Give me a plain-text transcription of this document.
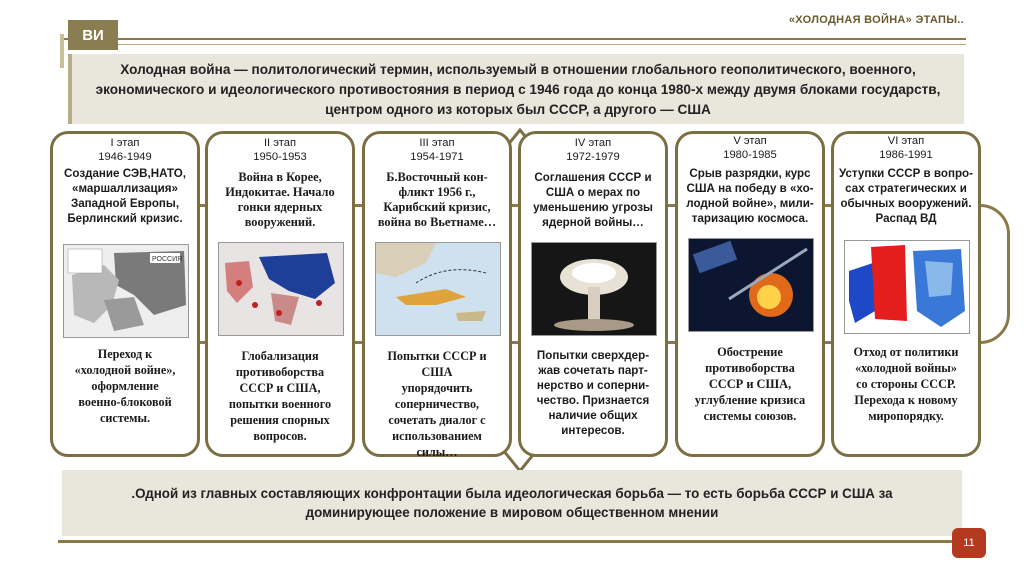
«ХОЛОДНАЯ ВОЙНА» ЭТАПЫ..
ВИ
Холодная война — политологический термин, используемый в отношении глобального геополитического, военного,
экономического и идеологического противостояния в период с 1946 года до конца 1980-х между двумя блоками государств,
центром одного из которых был СССР, а другого — США
I этап
1946-1949
Создание СЭВ,НАТО,
«маршаллизация»
Западной Европы,
Берлинский кризис.
РОССИЯ
Переход к
«холодной войне»,
оформление
военно-блоковой
системы.
II этап
1950-1953
Война в Корее,
Индокитае. Начало
гонки ядерных
вооружений.
Глобализация
противоборства
СССР и США,
попытки военного
решения спорных
вопросов.
III этап
1954-1971
Б.Восточный кон-
фликт 1956 г.,
Карибский кризис,
война во Вьетнаме…
Попытки СССР и
США
упорядочить
соперничество,
сочетать диалог с
использованием
силы…
IV этап
1972-1979
Соглашения СССР и
США о мерах по
уменьшению угрозы
ядерной войны…
Попытки сверхдер-
жав сочетать парт-
нерство и соперни-
чество. Признается
наличие общих
интересов.
V этап
1980-1985
Срыв разрядки, курс
США на победу в «хо-
лодной войне», мили-
таризацию космоса.
Обострение
противоборства
СССР и США,
углубление кризиса
системы союзов.
VI этап
1986-1991
Уступки СССР в вопро-
сах стратегических и
обычных вооружений.
Распад ВД
Отход от политики
«холодной войны»
со стороны СССР.
Перехода к новому
миропорядку.
.Одной из главных составляющих конфронтации была идеологическая борьба — то есть борьба СССР и США за
доминирующее положение в мировом общественном мнении
11
